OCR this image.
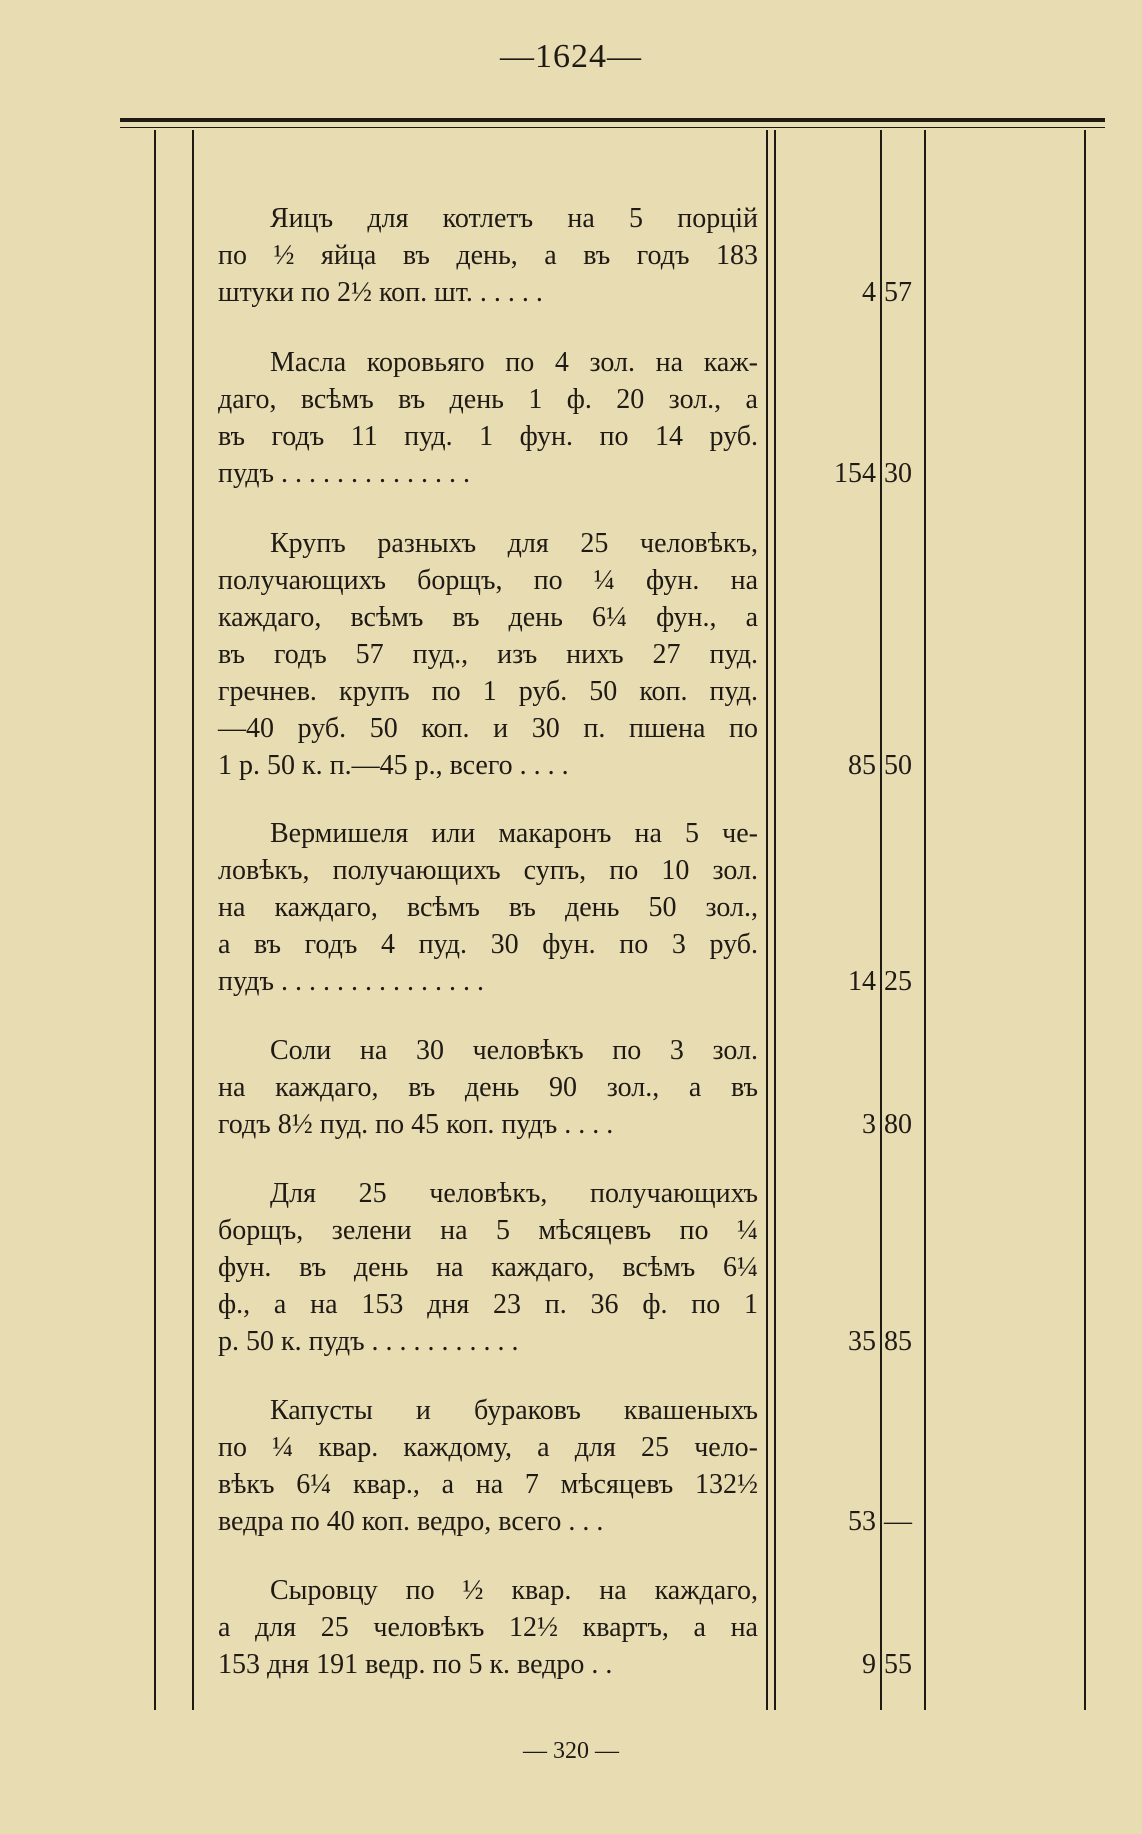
—1624—
Яицъ для котлетъ на 5 порцій
по ½ яйца въ день, а въ годъ 183
штуки по 2½ коп. шт. . . . . .	4 57
Масла коровьяго по 4 зол. на каж-
даго, всѣмъ въ день 1 ф. 20 зол., а
въ годъ 11 пуд. 1 фун. по 14 руб.
пудъ . . . . . . . . . . . . . .	154 30
Крупъ разныхъ для 25 человѣкъ,
получающихъ борщъ, по ¼ фун. на
каждаго, всѣмъ въ день 6¼ фун., а
въ годъ 57 пуд., изъ нихъ 27 пуд.
гречнев. крупъ по 1 руб. 50 коп. пуд.
—40 руб. 50 коп. и 30 п. пшена по
1 р. 50 к. п.—45 р., всего . . . .	85 50
Вермишеля или макаронъ на 5 че-
ловѣкъ, получающихъ супъ, по 10 зол.
на каждаго, всѣмъ въ день 50 зол.,
а въ годъ 4 пуд. 30 фун. по 3 руб.
пудъ . . . . . . . . . . . . . . .	14 25
Соли на 30 человѣкъ по 3 зол.
на каждаго, въ день 90 зол., а въ
годъ 8½ пуд. по 45 коп. пудъ . . . .	3 80
Для 25 человѣкъ, получающихъ
борщъ, зелени на 5 мѣсяцевъ по ¼
фун. въ день на каждаго, всѣмъ 6¼
ф., а на 153 дня 23 п. 36 ф. по 1
р. 50 к. пудъ . . . . . . . . . . .	35 85
Капусты и бураковъ квашеныхъ
по ¼ квар. каждому, а для 25 чело-
вѣкъ 6¼ квар., а на 7 мѣсяцевъ 132½
ведра по 40 коп. ведро, всего . . .	53 —
Сыровцу по ½ квар. на каждаго,
а для 25 человѣкъ 12½ квартъ, а на
153 дня 191 ведр. по 5 к. ведро . .	9 55
— 320 —
